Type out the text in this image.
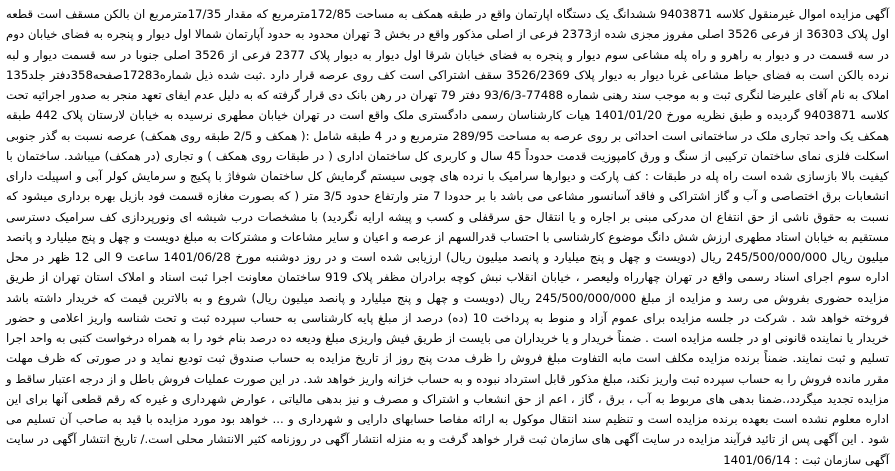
آگهی مزایده اموال غیرمنقول کلاسه 9403871 ششدانگ یک دستگاه اپارتمان واقع در طبقه همکف به مساحت 172/85مترمربع که مقدار 17/35مترمربع ان بالکن مسقف است قطعه اول پلاک 36303 از فرعی 3526 اصلی مفروز مجزی شده از2373 فرعی از اصلی مذکور واقع در بخش 3 تهران محدود به حدود آپارتمان شمالا اول دیوار و پنجره به فضای خیابان دوم در سه قسمت در و دیوار به راهرو و راه پله مشاعی سوم دیوار و پنجره به فضای خیابان شرقا اول دیوار به دیوار پلاک 2377 فرعی از 3526 اصلی جنوبا در سه قسمت دیوار و لبه نرده بالکن است به فضای حیاط مشاعی غربا دیوار به دیوار پلاک 3526/2369 سقف اشتراکی است کف روی عرصه قرار دارد .ثبت شده ذیل شماره17283صفحه358دفتر جلد135 املاک به نام آقای علیرضا لنگری ثبت و به موجب سند رهنی شماره 77488-93/6/3 دفتر 79 تهران در رهن بانک دی قرار گرفته که به دلیل عدم ایفای تعهد منجر به صدور اجرائیه تحت کلاسه 9403871 گردیده و طبق نظریه مورخ 1401/01/20 هیات کارشناسان رسمی دادگستری ملک واقع است در تهران خیابان مطهری نرسیده به خیابان لارستان پلاک 442 طبقه همکف یک واحد تجاری ملک در ساختمانی است احداثی بر روی عرصه به مساحت 289/95 مترمربع و در 4 طبقه شامل :( همکف و 2/5 طبقه روی همکف) عرصه نسبت به گذر جنوبی اسکلت فلزی نمای ساختمان ترکیبی از سنگ و ورق کامپوزیت قدمت حدوداً 45 سال و کاربری کل ساختمان اداری ( در طبقات روی همکف ) و تجاری (در همکف) میباشد. ساختمان با کیفیت بالا بازسازی شده است راه پله در طبقات : کف پارکت و دیوارها سرامیک با نرده های چوبی سیستم گرمایش کل ساختمان شوفاژ با پکیج و سرمایش کولر آبی و اسپیلت دارای انشعابات برق اختصاصی و آب و گاز اشتراکی و فاقد آسانسور مشاعی می باشد با بر حدودا 7 متر وارتفاع حدود 3/5 متر ( که بصورت مغازه قسمت فود بازیل بهره برداری میشود که نسبت به حقوق ناشی از حق انتفاع ان مدرکی مبنی بر اجاره و یا انتقال حق سرقفلی و کسب و پیشه ارایه نگردید) با مشخصات درب شیشه ای ونورپردازی کف سرامیک دسترسی مستقیم به خیابان استاد مطهری ارزش شش دانگ موضوع کارشناسی با احتساب قدرالسهم از عرصه و اعیان و سایر مشاعات و مشترکات به مبلغ دویست و چهل و پنج میلیارد و پانصد میلیون ریال 245/500/000/000 ریال (دویست و چهل و پنج میلیارد و پانصد میلیون ریال) ارزیابی شده است و در روز دوشنبه مورخ 1401/06/28 ساعت 9 الی 12 ظهر در محل اداره سوم اجرای اسناد رسمی واقع در تهران چهارراه ولیعصر ، خیابان انقلاب نبش کوچه برادران مظفر پلاک 919 ساختمان معاونت اجرا ثبت اسناد و املاک استان تهران از طریق مزایده حضوری بفروش می رسد و مزایده از مبلغ 245/500/000/000 ریال (دویست و چهل و پنج میلیارد و پانصد میلیون ریال) شروع و به بالاترین قیمت که خریدار داشته باشد فروخته خواهد شد . شرکت در جلسه مزایده برای عموم آزاد و منوط به پرداخت 10 (ده) درصد از مبلغ پایه کارشناسی به حساب سپرده ثبت و تحت شناسه واریز اعلامی و حضور خریدار یا نماینده قانونی او در جلسه مزایده است . ضمناً خریدار و یا خریداران می بایست از طریق فیش واریزی مبلغ ودیعه ده درصد بنام خود را به همراه درخواست کتبی به واحد اجرا تسلیم و ثبت نمایند. ضمناً برنده مزایده مکلف است مابه التفاوت مبلغ فروش را ظرف مدت پنج روز از تاریخ مزایده به حساب صندوق ثبت تودیع نماید و در صورتی که ظرف مهلت مقرر مانده فروش را به حساب سپرده ثبت واریز نکند، مبلغ مذکور قابل استرداد نبوده و به حساب خزانه واریز خواهد شد. در این صورت عملیات فروش باطل و از درجه اعتبار ساقط و مزایده تجدید میگردد،.ضمنا بدهی های مربوط به آب ، برق ، گاز ، اعم از حق انشعاب و اشتراک و مصرف و نیز بدهی مالیاتی ، عوارض شهرداری و غیره که رقم قطعی آنها برای این اداره معلوم نشده است بعهده برنده مزایده است و تنظیم سند انتقال موکول به ارائه مفاصا حسابهای دارایی و شهرداری و ... خواهد بود مورد مزایده با قید به صاحب آن تسلیم می شود . این آگهی پس از تائید فرآیند مزایده در سایت آگهی های سازمان ثبت قرار خواهد گرفت و به منزله انتشار آگهی در روزنامه کثیر الانتشار محلی است./ تاریخ انتشار آگهی در سایت آگهی سازمان ثبت : 1401/06/14
